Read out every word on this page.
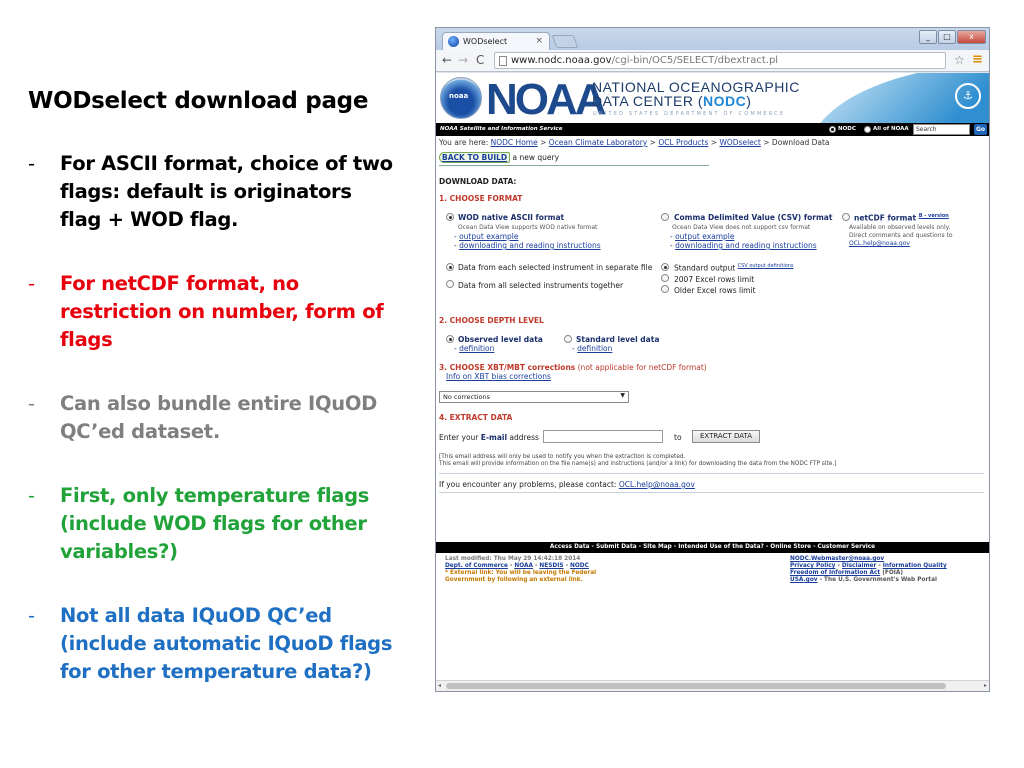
WODselect download page
- For ASCII format, choice of two flags: default is originators flag + WOD flag.
- For netCDF format, no restriction on number, form of flags
- Can also bundle entire IQuOD QC’ed dataset.
- First, only temperature flags (include WOD flags for other variables?)
- Not all data IQuOD QC’ed (include automatic IQuoD flags for other temperature data?)
WODselect	×	_	□	x
← → C	www.nodc.noaa.gov/cgi-bin/OC5/SELECT/dbextract.pl	☆ ≡
noaa NOAA
NATIONAL OCEANOGRAPHIC
DATA CENTER (NODC)
UNITED STATES DEPARTMENT OF COMMERCE
⚓
NOAA Satellite and Information Service	NODC	All of NOAA	Search	Go
You are here: NODC Home > Ocean Climate Laboratory > OCL Products > WODselect > Download Data
BACK TO BUILD a new query
DOWNLOAD DATA:
1. CHOOSE FORMAT
WOD native ASCII format
Ocean Data View supports WOD native format
- output example
- downloading and reading instructions
Comma Delimited Value (CSV) format
Ocean Data View does not support csv format
- output example
- downloading and reading instructions
netCDF format $^{B - version}$
Available on observed levels only.
Direct comments and questions to
OCL.help@noaa.gov
Data from each selected instrument in separate file
Data from all selected instruments together
Standard output $^{CSV output definitions}$
2007 Excel rows limit
Older Excel rows limit
2. CHOOSE DEPTH LEVEL
Observed level data
- definition
Standard level data
- definition
3. CHOOSE XBT/MBT corrections (not applicable for netCDF format)
Info on XBT bias corrections
No corrections	▼
4. EXTRACT DATA
Enter your E-mail address	to	EXTRACT DATA
[This email address will only be used to notify you when the extraction is completed.
This email will provide information on the file name(s) and instructions (and/or a link) for downloading the data from the NODC FTP site.]
If you encounter any problems, please contact: OCL.help@noaa.gov
Access Data - Submit Data - Site Map - Intended Use of the Data? - Online Store - Customer Service
Last modified: Thu May 29 14:42:18 2014
Dept. of Commerce - NOAA - NESDIS - NODC
* External link: You will be leaving the Federal
Government by following an external link.
NODC.Webmaster@noaa.gov
Privacy Policy - Disclaimer - Information Quality
Freedom of Information Act (FOIA)
USA.gov - The U.S. Government's Web Portal
◂	▸
